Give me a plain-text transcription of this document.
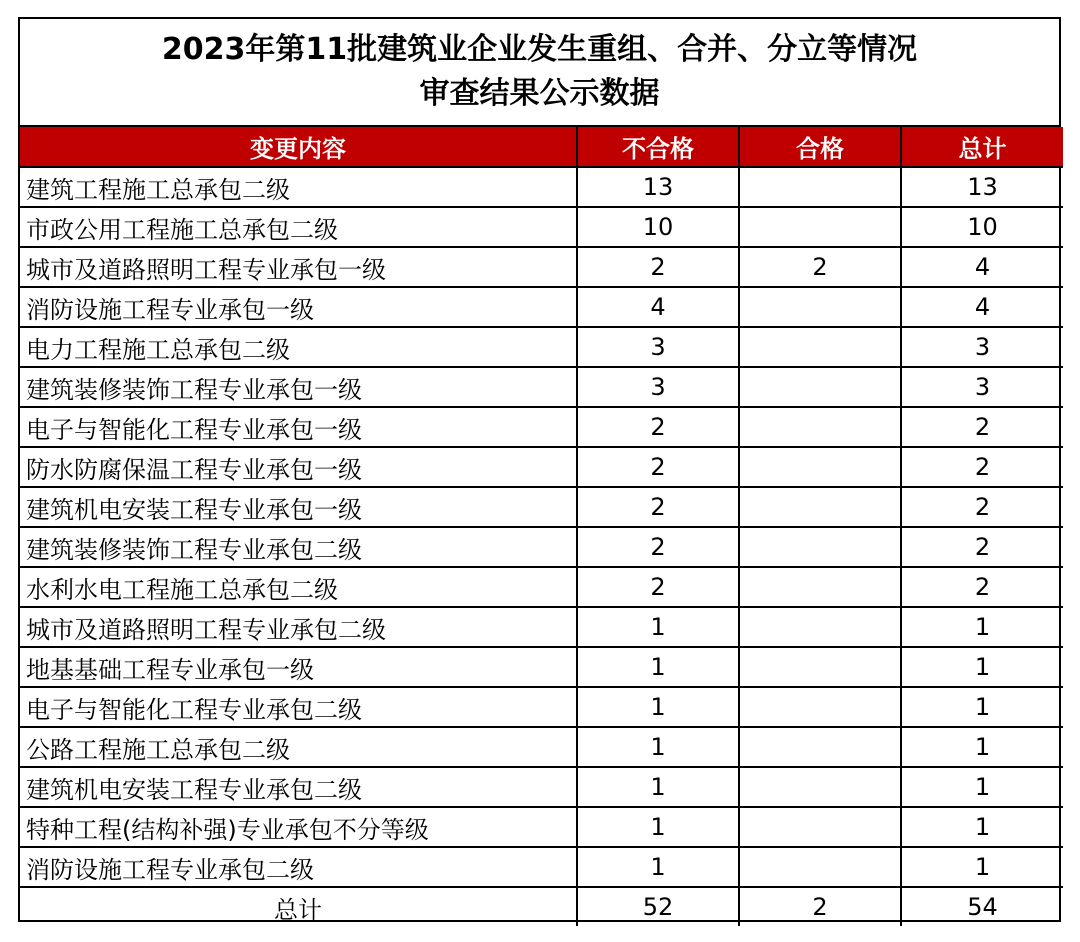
2023年第11批建筑业企业发生重组、合并、分立等情况
审查结果公示数据
变更内容	不合格	合格	总计
建筑工程施工总承包二级	13		13
市政公用工程施工总承包二级	10		10
城市及道路照明工程专业承包一级	2	2	4
消防设施工程专业承包一级	4		4
电力工程施工总承包二级	3		3
建筑装修装饰工程专业承包一级	3		3
电子与智能化工程专业承包一级	2		2
防水防腐保温工程专业承包一级	2		2
建筑机电安装工程专业承包一级	2		2
建筑装修装饰工程专业承包二级	2		2
水利水电工程施工总承包二级	2		2
城市及道路照明工程专业承包二级	1		1
地基基础工程专业承包一级	1		1
电子与智能化工程专业承包二级	1		1
公路工程施工总承包二级	1		1
建筑机电安装工程专业承包二级	1		1
特种工程(结构补强)专业承包不分等级	1		1
消防设施工程专业承包二级	1		1
总计	52	2	54
